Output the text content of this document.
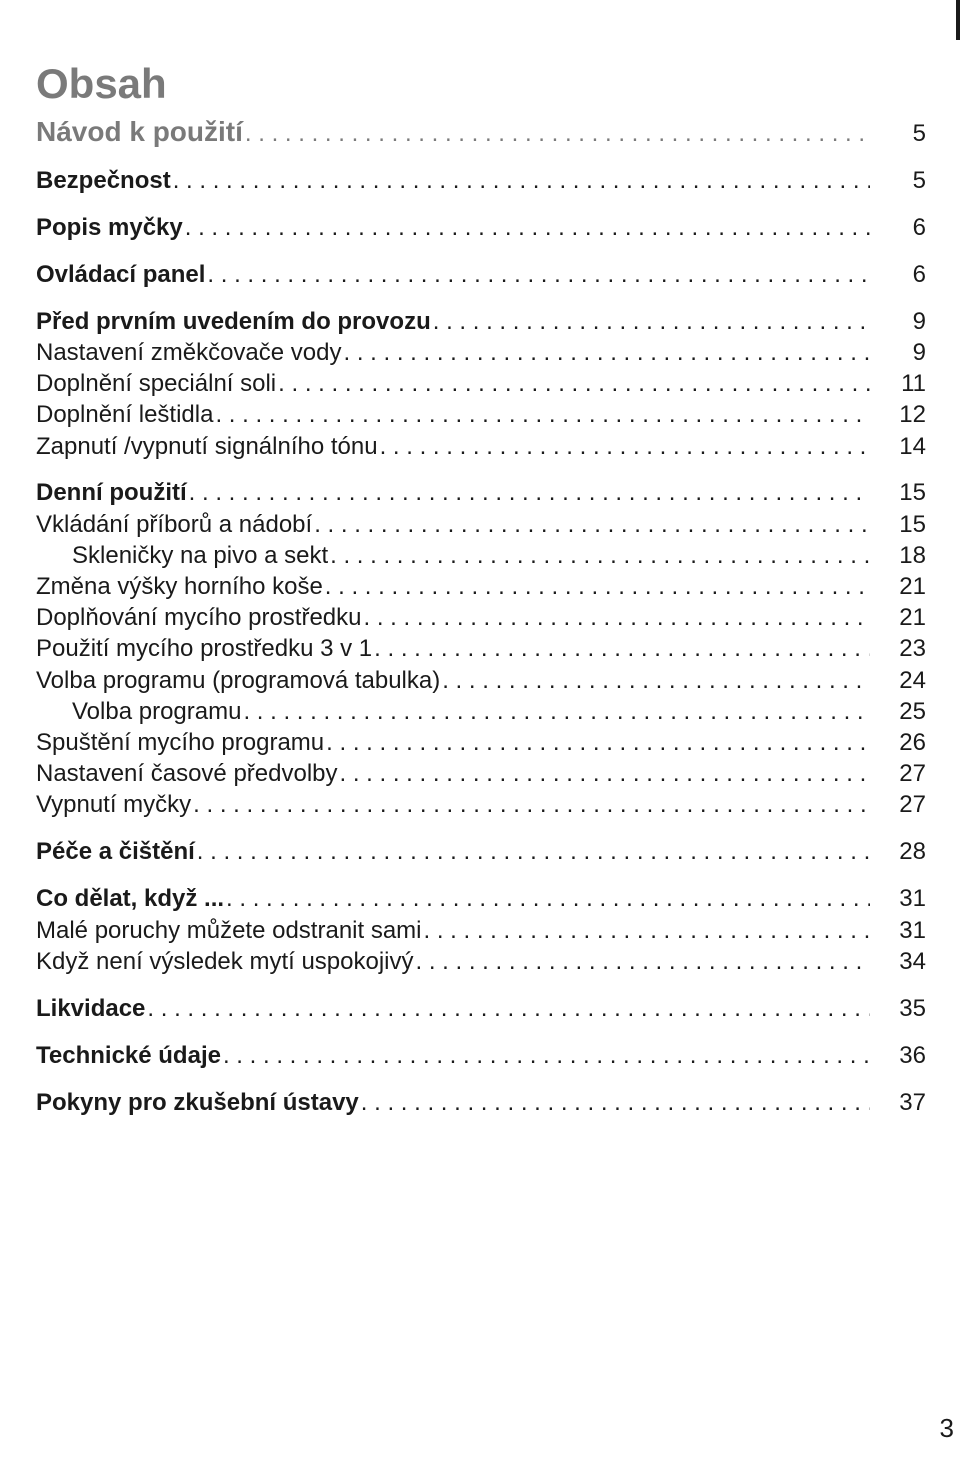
Obsah
Návod k použití . . .	5
Bezpečnost . . .	5
Popis myčky . . .	6
Ovládací panel . . .	6
Před prvním uvedením do provozu . . .	9
Nastavení změkčovače vody . . .	9
Doplnění speciální soli . . .	11
Doplnění leštidla . . .	12
Zapnutí /vypnutí signálního tónu . . .	14
Denní použití . . .	15
Vkládání příborů a nádobí . . .	15
Skleničky na pivo a sekt . . .	18
Změna výšky horního koše . . .	21
Doplňování mycího prostředku . . .	21
Použití mycího prostředku 3 v 1 . . .	23
Volba programu (programová tabulka) . . .	24
Volba programu . . .	25
Spuštění mycího programu . . .	26
Nastavení časové předvolby . . .	27
Vypnutí myčky . . .	27
Péče a čištění . . .	28
Co dělat, když ... . . .	31
Malé poruchy můžete odstranit sami . . .	31
Když není výsledek mytí uspokojivý . . .	34
Likvidace . . .	35
Technické údaje . . .	36
Pokyny pro zkušební ústavy . . .	37
3
